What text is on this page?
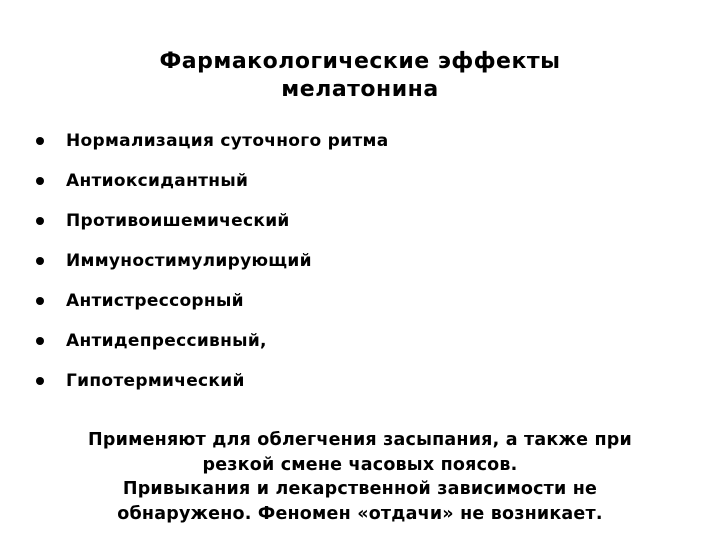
Фармакологические эффекты
мелатонина
Нормализация суточного ритма
Антиоксидантный
Противоишемический
Иммуностимулирующий
Антистрессорный
Антидепрессивный,
Гипотермический
Применяют для облегчения засыпания, а также при
резкой смене часовых поясов.
Привыкания и лекарственной зависимости не
обнаружено. Феномен «отдачи» не возникает.
